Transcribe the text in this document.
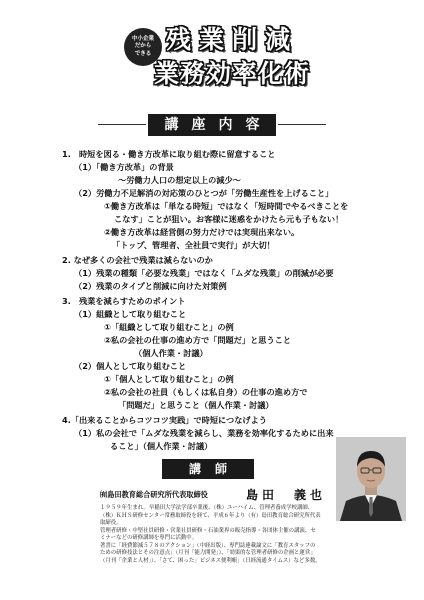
中小企業
だから
できる 残業削減
業務効率化術
講座内容
1.　時短を図る・働き方改革に取り組む際に留意すること
（1）「働き方改革」の背景
～労働力人口の想定以上の減少～
（2）労働力不足解消の対応策のひとつが「労働生産性を上げること」
①働き方改革は「単なる時短」ではなく「短時間でやるべきことを
こなす」ことが狙い。お客様に迷惑をかけたら元も子もない！
②働き方改革は経営側の努力だけでは実現出来ない。
「トップ、管理者、全社員で実行」が大切！
2. なぜ多くの会社で残業は減らないのか
（1）残業の種類「必要な残業」ではなく「ムダな残業」の削減が必要
（2）残業のタイプと削減に向けた対策例
3.　残業を減らすためのポイント
（1）組織として取り組むこと
①「組織として取り組むこと」の例
②私の会社の仕事の進め方で「問題だ」と思うこと
（個人作業・討議）
（2）個人として取り組むこと
①「個人として取り組むこと」の例
②私の会社の社員（もしくは私自身）の仕事の進め方で
「問題だ」と思うこと（個人作業・討議）
4.「出来ることからコツコツ実践」で時短につなげよう
（1）私の会社で「ムダな残業を減らし、業務を効率化するために出来
ること」（個人作業・討議）
講師
㈲島田教育総合研究所代表取締役	島田　義也
１９５９年生まれ。早稲田大学法学部卒業後、（株）ユーハイム、管理者養成学校講師、
（株）ＫＨＳ研修センター常務取締役を経て、平成６年より（有）島田教育総合研究所代表
取締役。
管理者研修・中堅社員研修・営業社員研修・石油業界の販売指導・各団体主催の講演、セ
ミナーなどの研修講師を専門に活動中。
著書に「経費節減５７８のアクション」（中経出版）、専門誌連載論文に「教育スタッフの
ための研修技法とその注意点」（月刊「能力開発」）、「効果的な管理者研修の企画と運営」
（月刊「企業と人材」）、「さて、困った」ビジネス便利帳」（日経流通タイムス）など多数。
